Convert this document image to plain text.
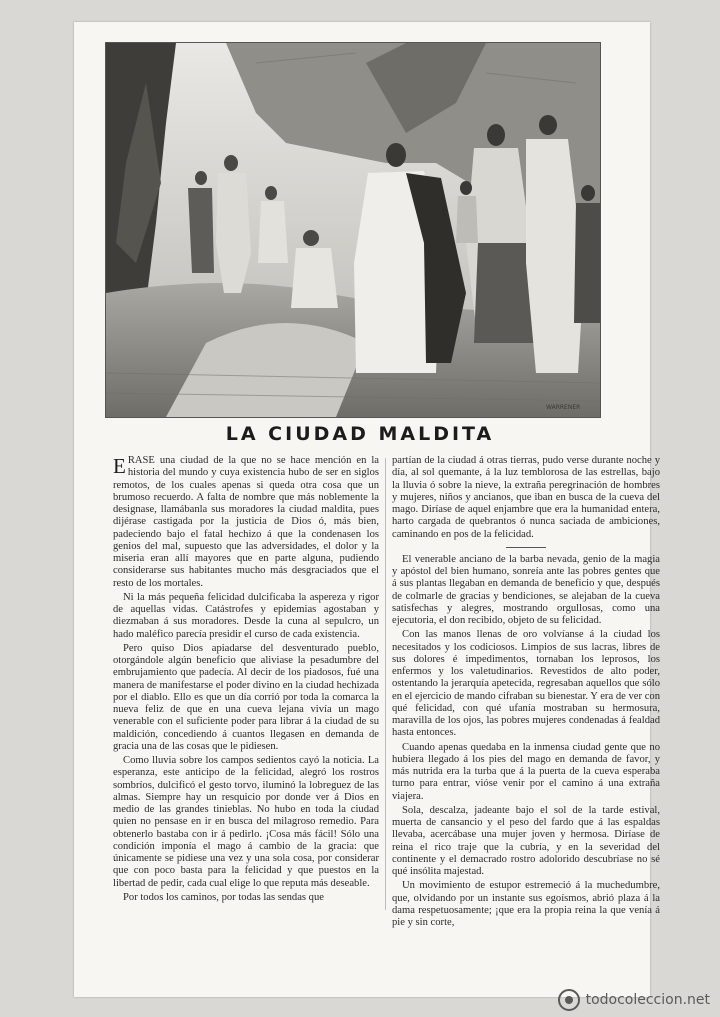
WARRENER
LA CIUDAD MALDITA

ERASE una ciudad de la que no se hace mención en la historia del mundo y cuya existencia hubo de ser en siglos remotos, de los cuales apenas si queda otra cosa que un brumoso recuerdo. A falta de nombre que más noblemente la designase, llamábanla sus moradores la ciudad maldita, pues dijérase castigada por la justicia de Dios ó, más bien, padeciendo bajo el fatal hechizo á que la condenasen los genios del mal, supuesto que las adversidades, el dolor y la miseria eran allí mayores que en parte alguna, pudiendo considerarse sus habitantes mucho más desgraciados que el resto de los mortales.

Ni la más pequeña felicidad dulcificaba la aspereza y rigor de aquellas vidas. Catástrofes y epidemias agostaban y diezmaban á sus moradores. Desde la cuna al sepulcro, un hado maléfico parecía presidir el curso de cada existencia.

Pero quiso Dios apiadarse del desventurado pueblo, otorgándole algún beneficio que aliviase la pesadumbre del embrujamiento que padecía. Al decir de los piadosos, fué una manera de manifestarse el poder divino en la ciudad hechizada por el diablo. Ello es que un día corrió por toda la comarca la nueva feliz de que en una cueva lejana vivía un mago venerable con el suficiente poder para librar á la ciudad de su maldición, concediendo á cuantos llegasen en demanda de gracia una de las cosas que le pidiesen.

Como lluvia sobre los campos sedientos cayó la noticia. La esperanza, este anticipo de la felicidad, alegró los rostros sombríos, dulcificó el gesto torvo, iluminó la lobreguez de las almas. Siempre hay un resquicio por donde ver á Dios en medio de las grandes tinieblas. No hubo en toda la ciudad quien no pensase en ir en busca del milagroso remedio. Para obtenerlo bastaba con ir á pedirlo. ¡Cosa más fácil! Sólo una condición imponía el mago á cambio de la gracia: que únicamente se pidiese una vez y una sola cosa, por considerar que con poco basta para la felicidad y que puestos en la libertad de pedir, cada cual elige lo que reputa más deseable.

Por todos los caminos, por todas las sendas que

partían de la ciudad á otras tierras, pudo verse durante noche y día, al sol quemante, á la luz temblorosa de las estrellas, bajo la lluvia ó sobre la nieve, la extraña peregrinación de hombres y mujeres, niños y ancianos, que iban en busca de la cueva del mago. Diríase de aquel enjambre que era la humanidad entera, harto cargada de quebrantos ó nunca saciada de ambiciones, caminando en pos de la felicidad.

El venerable anciano de la barba nevada, genio de la magia y apóstol del bien humano, sonreía ante las pobres gentes que á sus plantas llegaban en demanda de beneficio y que, después de colmarle de gracias y bendiciones, se alejaban de la cueva satisfechas y alegres, mostrando orgullosas, como una ejecutoria, el don recibido, objeto de su felicidad.

Con las manos llenas de oro volvíanse á la ciudad los necesitados y los codiciosos. Limpios de sus lacras, libres de sus dolores é impedimentos, tornaban los leprosos, los enfermos y los valetudinarios. Revestidos de alto poder, ostentando la jerarquía apetecida, regresaban aquellos que sólo en el ejercicio de mando cifraban su bienestar. Y era de ver con qué felicidad, con qué ufanía mostraban su hermosura, maravilla de los ojos, las pobres mujeres condenadas á fealdad hasta entonces.

Cuando apenas quedaba en la inmensa ciudad gente que no hubiera llegado á los pies del mago en demanda de favor, y más nutrida era la turba que á la puerta de la cueva esperaba turno para entrar, vióse venir por el camino á una extraña viajera.

Sola, descalza, jadeante bajo el sol de la tarde estival, muerta de cansancio y el peso del fardo que á las espaldas llevaba, acercábase una mujer joven y hermosa. Diríase de reina el rico traje que la cubría, y en la severidad del continente y el demacrado rostro adolorido descubríase no sé qué insólita majestad.

Un movimiento de estupor estremeció á la muchedumbre, que, olvidando por un instante sus egoísmos, abrió plaza á la dama respetuosamente; ¡que era la propia reina la que venía á pie y sin corte,

todocoleccion.net
